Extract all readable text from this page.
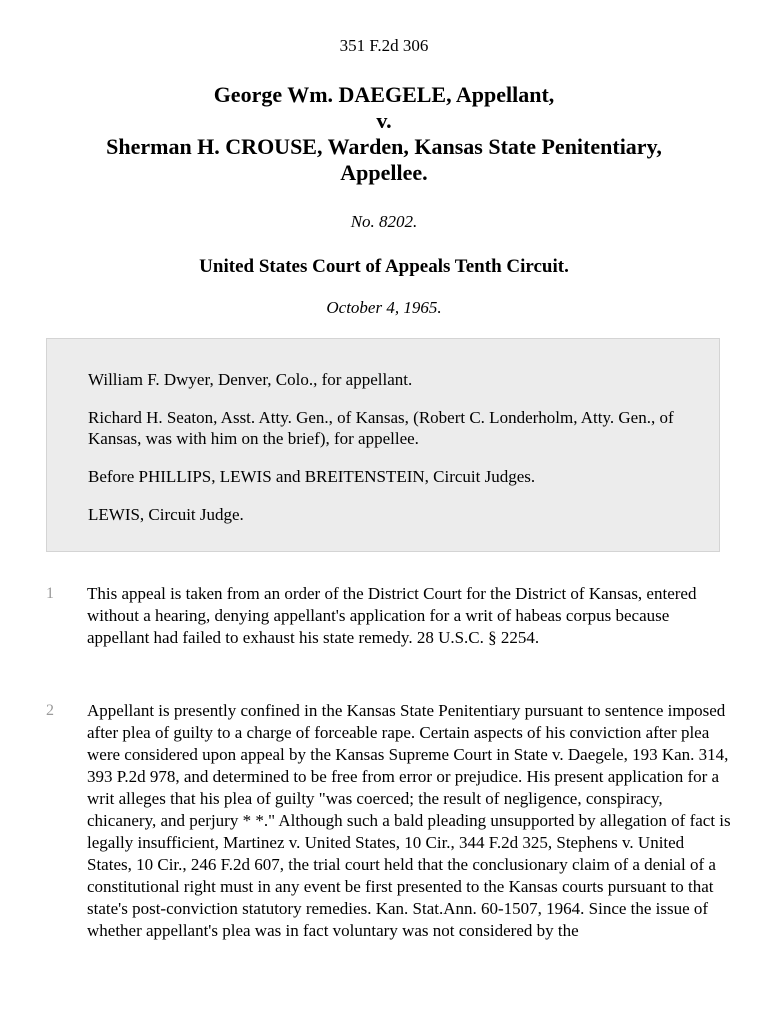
351 F.2d 306
George Wm. DAEGELE, Appellant,
v.
Sherman H. CROUSE, Warden, Kansas State Penitentiary,
Appellee.
No. 8202.
United States Court of Appeals Tenth Circuit.
October 4, 1965.

William F. Dwyer, Denver, Colo., for appellant.

Richard H. Seaton, Asst. Atty. Gen., of Kansas, (Robert C. Londerholm, Atty. Gen., of Kansas, was with him on the brief), for appellee.

Before PHILLIPS, LEWIS and BREITENSTEIN, Circuit Judges.

LEWIS, Circuit Judge.

1 This appeal is taken from an order of the District Court for the District of Kansas, entered without a hearing, denying appellant's application for a writ of habeas corpus because appellant had failed to exhaust his state remedy. 28 U.S.C. § 2254.
2 Appellant is presently confined in the Kansas State Penitentiary pursuant to sentence imposed after plea of guilty to a charge of forceable rape. Certain aspects of his conviction after plea were considered upon appeal by the Kansas Supreme Court in State v. Daegele, 193 Kan. 314, 393 P.2d 978, and determined to be free from error or prejudice. His present application for a writ alleges that his plea of guilty "was coerced; the result of negligence, conspiracy, chicanery, and perjury * *." Although such a bald pleading unsupported by allegation of fact is legally insufficient, Martinez v. United States, 10 Cir., 344 F.2d 325, Stephens v. United States, 10 Cir., 246 F.2d 607, the trial court held that the conclusionary claim of a denial of a constitutional right must in any event be first presented to the Kansas courts pursuant to that state's post-conviction statutory remedies. Kan. Stat.Ann. 60-1507, 1964. Since the issue of whether appellant's plea was in fact voluntary was not considered by the
